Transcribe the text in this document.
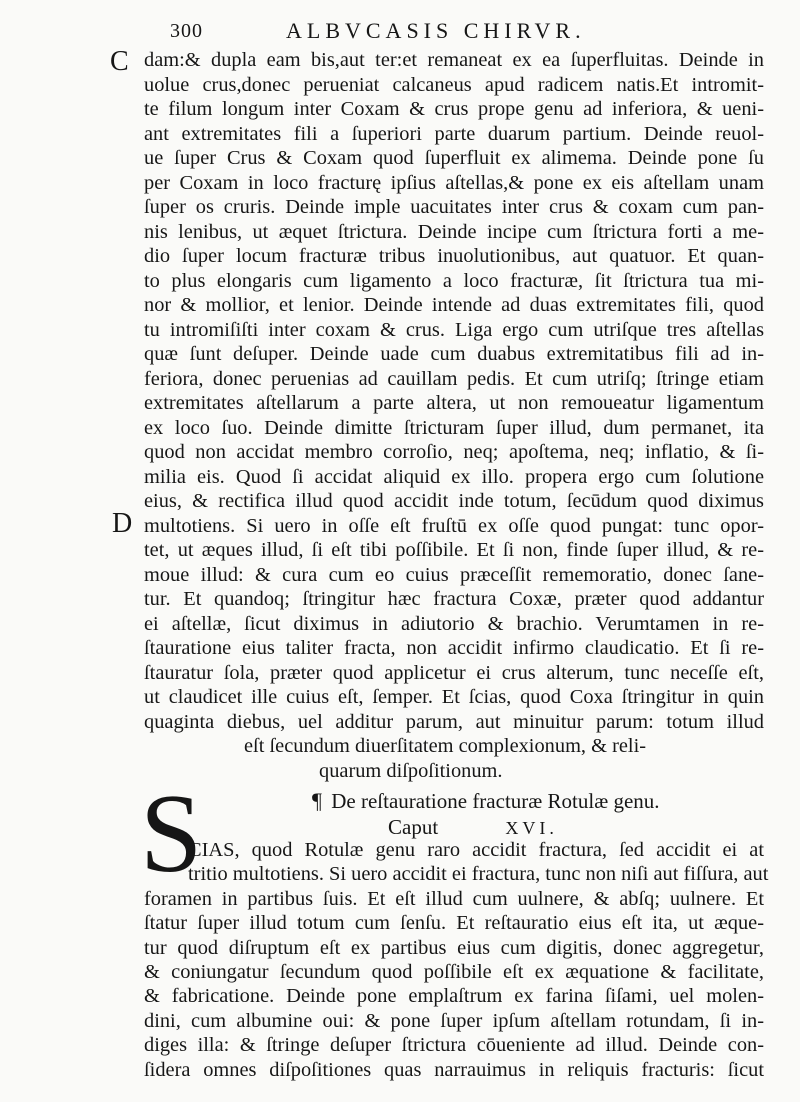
300	ALBVCASIS CHIRVR.
C
D
dam:& dupla eam bis,aut ter:et remaneat ex ea ſuperfluitas. Deinde in
uolue crus,donec perueniat calcaneus apud radicem natis.Et intromit-
te filum longum inter Coxam & crus prope genu ad inferiora, & ueni-
ant extremitates fili a ſuperiori parte duarum partium. Deinde reuol-
ue ſuper Crus & Coxam quod ſuperfluit ex alimema. Deinde pone ſu
per Coxam in loco fracturę ipſius aſtellas,& pone ex eis aſtellam unam
ſuper os cruris. Deinde imple uacuitates inter crus & coxam cum pan-
nis lenibus, ut æquet ſtrictura. Deinde incipe cum ſtrictura forti a me-
dio ſuper locum fracturæ tribus inuolutionibus, aut quatuor. Et quan-
to plus elongaris cum ligamento a loco fracturæ, ſit ſtrictura tua mi-
nor & mollior, et lenior. Deinde intende ad duas extremitates fili, quod
tu intromiſiſti inter coxam & crus. Liga ergo cum utriſque tres aſtellas
quæ ſunt deſuper. Deinde uade cum duabus extremitatibus fili ad in-
feriora, donec peruenias ad cauillam pedis. Et cum utriſq; ſtringe etiam
extremitates aſtellarum a parte altera, ut non remoueatur ligamentum
ex loco ſuo. Deinde dimitte ſtricturam ſuper illud, dum permanet, ita
quod non accidat membro corroſio, neq; apoſtema, neq; inflatio, & ſi-
milia eis. Quod ſi accidat aliquid ex illo. propera ergo cum ſolutione
eius, & rectifica illud quod accidit inde totum, ſecūdum quod diximus
multotiens. Si uero in oſſe eſt fruſtū ex oſſe quod pungat: tunc opor-
tet, ut æques illud, ſi eſt tibi poſſibile. Et ſi non, finde ſuper illud, & re-
moue illud: & cura cum eo cuius præceſſit rememoratio, donec ſane-
tur. Et quandoq; ſtringitur hæc fractura Coxæ, præter quod addantur
ei aſtellæ, ſicut diximus in adiutorio & brachio. Verumtamen in re-
ſtauratione eius taliter fracta, non accidit infirmo claudicatio. Et ſi re-
ſtauratur ſola, præter quod applicetur ei crus alterum, tunc neceſſe eſt,
ut claudicet ille cuius eſt, ſemper. Et ſcias, quod Coxa ſtringitur in quin
quaginta diebus, uel additur parum, aut minuitur parum: totum illud
eſt ſecundum diuerſitatem complexionum, & reli-
quarum diſpoſitionum.
¶ De reſtauratione fracturæ Rotulæ genu.
Caput	XVI.
S
CIAS, quod Rotulæ genu raro accidit fractura, ſed accidit ei at
tritio multotiens. Si uero accidit ei fractura, tunc non niſi aut fiſſura, aut
foramen in partibus ſuis. Et eſt illud cum uulnere, & abſq; uulnere. Et
ſtatur ſuper illud totum cum ſenſu. Et reſtauratio eius eſt ita, ut æque-
tur quod diſruptum eſt ex partibus eius cum digitis, donec aggregetur,
& coniungatur ſecundum quod poſſibile eſt ex æquatione & facilitate,
& fabricatione. Deinde pone emplaſtrum ex farina ſiſami, uel molen-
dini, cum albumine oui: & pone ſuper ipſum aſtellam rotundam, ſi in-
diges illa: & ſtringe deſuper ſtrictura cōueniente ad illud. Deinde con-
ſidera omnes diſpoſitiones quas narrauimus in reliquis fracturis: ſicut
